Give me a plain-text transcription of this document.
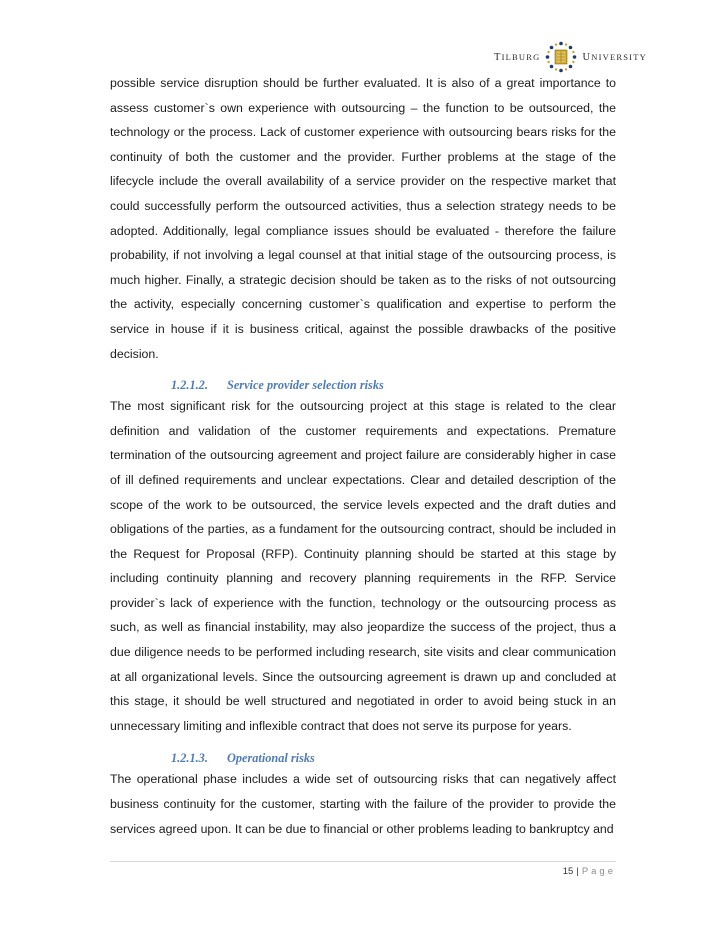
TILBURG	UNIVERSITY

possible service disruption should be further evaluated. It is also of a great importance to assess customer`s own experience with outsourcing – the function to be outsourced, the technology or the process. Lack of customer experience with outsourcing bears risks for the continuity of both the customer and the provider. Further problems at the stage of the lifecycle include the overall availability of a service provider on the respective market that could successfully perform the outsourced activities, thus a selection strategy needs to be adopted. Additionally, legal compliance issues should be evaluated - therefore the failure probability, if not involving a legal counsel at that initial stage of the outsourcing process, is much higher. Finally, a strategic decision should be taken as to the risks of not outsourcing the activity, especially concerning customer`s qualification and expertise to perform the service in house if it is business critical, against the possible drawbacks of the positive decision.

1.2.1.2.	Service provider selection risks

The most significant risk for the outsourcing project at this stage is related to the clear definition and validation of the customer requirements and expectations. Premature termination of the outsourcing agreement and project failure are considerably higher in case of ill defined requirements and unclear expectations. Clear and detailed description of the scope of the work to be outsourced, the service levels expected and the draft duties and obligations of the parties, as a fundament for the outsourcing contract, should be included in the Request for Proposal (RFP). Continuity planning should be started at this stage by including continuity planning and recovery planning requirements in the RFP. Service provider`s lack of experience with the function, technology or the outsourcing process as such, as well as financial instability, may also jeopardize the success of the project, thus a due diligence needs to be performed including research, site visits and clear communication at all organizational levels. Since the outsourcing agreement is drawn up and concluded at this stage, it should be well structured and negotiated in order to avoid being stuck in an unnecessary limiting and inflexible contract that does not serve its purpose for years.

1.2.1.3.	Operational risks

The operational phase includes a wide set of outsourcing risks that can negatively affect business continuity for the customer, starting with the failure of the provider to provide the services agreed upon. It can be due to financial or other problems leading to bankruptcy and

15 | Page
